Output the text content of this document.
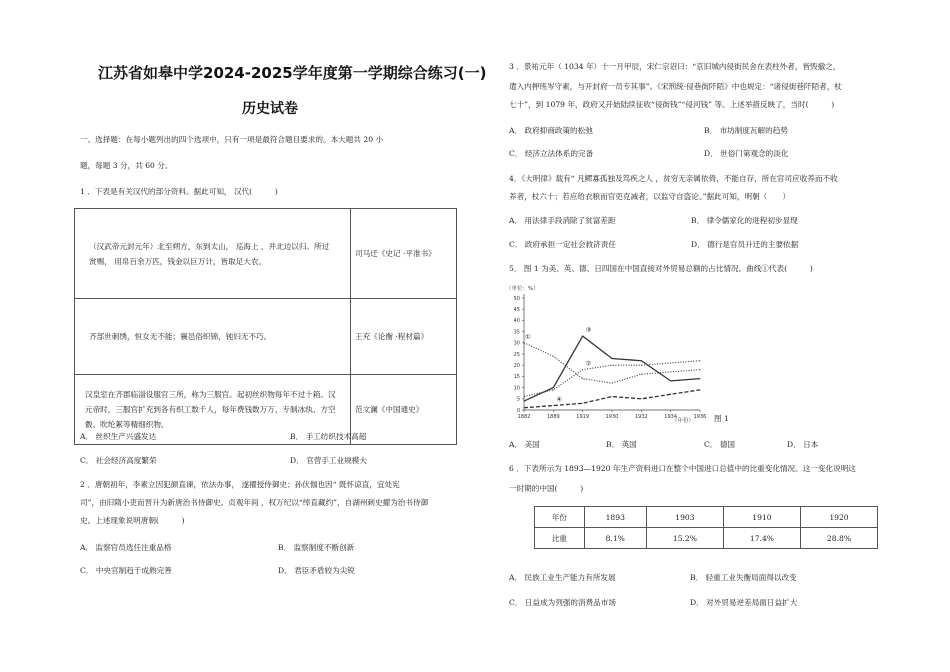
江苏省如皋中学2024-2025学年度第一学期综合练习(一)
历史试卷
一、选择题：在每小题列出的四个选项中，只有一项是最符合题目要求的。本大题共 20 小
题，每题 3 分，共 60 分。
1 ．下表是有关汉代的部分资料。据此可知， 汉代(　　　)
（汉武帝元封元年）北至朔方，东到太山， 巡海上 ，并北边以归。所过赏赐， 用帛百余万匹，钱金以巨万计，皆取足大农。	司马迁《史记 ·平准书》

齐部世刺绣，恒女无不能；襄邑俗织锦，钝妇无不巧。	王充《论衡 ·程材篇》

汉皇室在齐郡临淄设服官三所，称为三服官。起初丝织物每年不过十箱。汉元帝时，三服官扩充到各有织工数千人，每年费钱数万万，专制冰纨、方空縠、吹纶絮等精细织物。	范文澜《中国通史》
A． 丝织生产兴盛发达	B． 手工纺织技术高超
C． 社会经济高度繁荣	D． 官营手工业规模大
2 ．唐朝初年，李素立因犯颜直谏，依法办事， 遂擢授侍御史；孙伏伽也因“ 既怀谅直，宜处宪
司”，由旧隋小吏而晋升为新唐治书侍御史。贞观年间 ，权万纪以“绰直藏约”，自湖州刺史擢为治书侍御
史。上述现象说明唐朝(　　　)
A． 监察官员选任注重品格	B． 监察制度不断创新
C． 中央官制趋于成熟完善	D． 君臣矛盾较为尖锐
3 ．景祐元年（ 1034 年）十一月甲辰，宋仁宗诏曰：“京旧城内侵街民舍在表柱外者，皆毁撤之，
遣入内押班岑守素，与开封府一员专其事”。《宋刑统·侵巷街阡陌》中也规定：“诸侵街巷阡陌者，杖
七十”，到 1079 年，政府又开始陆续征收“侵街钱”“侵河钱” 等。上述举措反映了，当时(　　　)
A． 政府抑商政策的松弛	B． 市坊制度瓦解的趋势
C． 经济立法体系的完备	D． 世俗门第观念的淡化
4．《大明律》载有“ 凡鳏寡孤独及笃疾之人 ，贫穷无亲属依倚，不能自存，所在官司应收养而不收
养者，杖六十；若应给衣粮而官吏克减者，以监守自盗论。”据此可知，明朝（　　）
A． 用法律手段消除了贫富差距	B． 律令儒家化的进程初步显现
C． 政府承担一定社会救济责任	D． 德行是官员升迁的主要依据
5． 图 1 为美、英、德、日四国在中国直接对外贸易总额的占比情况。曲线①代表(　　　)
（单位：%）
（年份）
0
5
10
15
20
25
30
35
40
45
50
1882	1889	1919	1930	1932	1934	1936
①
②
③
④
图 1
A． 美国	B． 英国	C． 德国	D． 日本
6 ．下表所示为 1893—1920 年生产资料进口在整个中国进口总值中的比重变化情况。这一变化说明这
一时期的中国(　　　)
年份	1893	1903	1910	1920
比重	8.1%	15.2%	17.4%	28.8%
A． 民族工业生产能力有所发展	B． 轻重工业失衡局面得以改变
C． 日益成为列强的消费品市场	D． 对外贸易逆差局面日益扩大
